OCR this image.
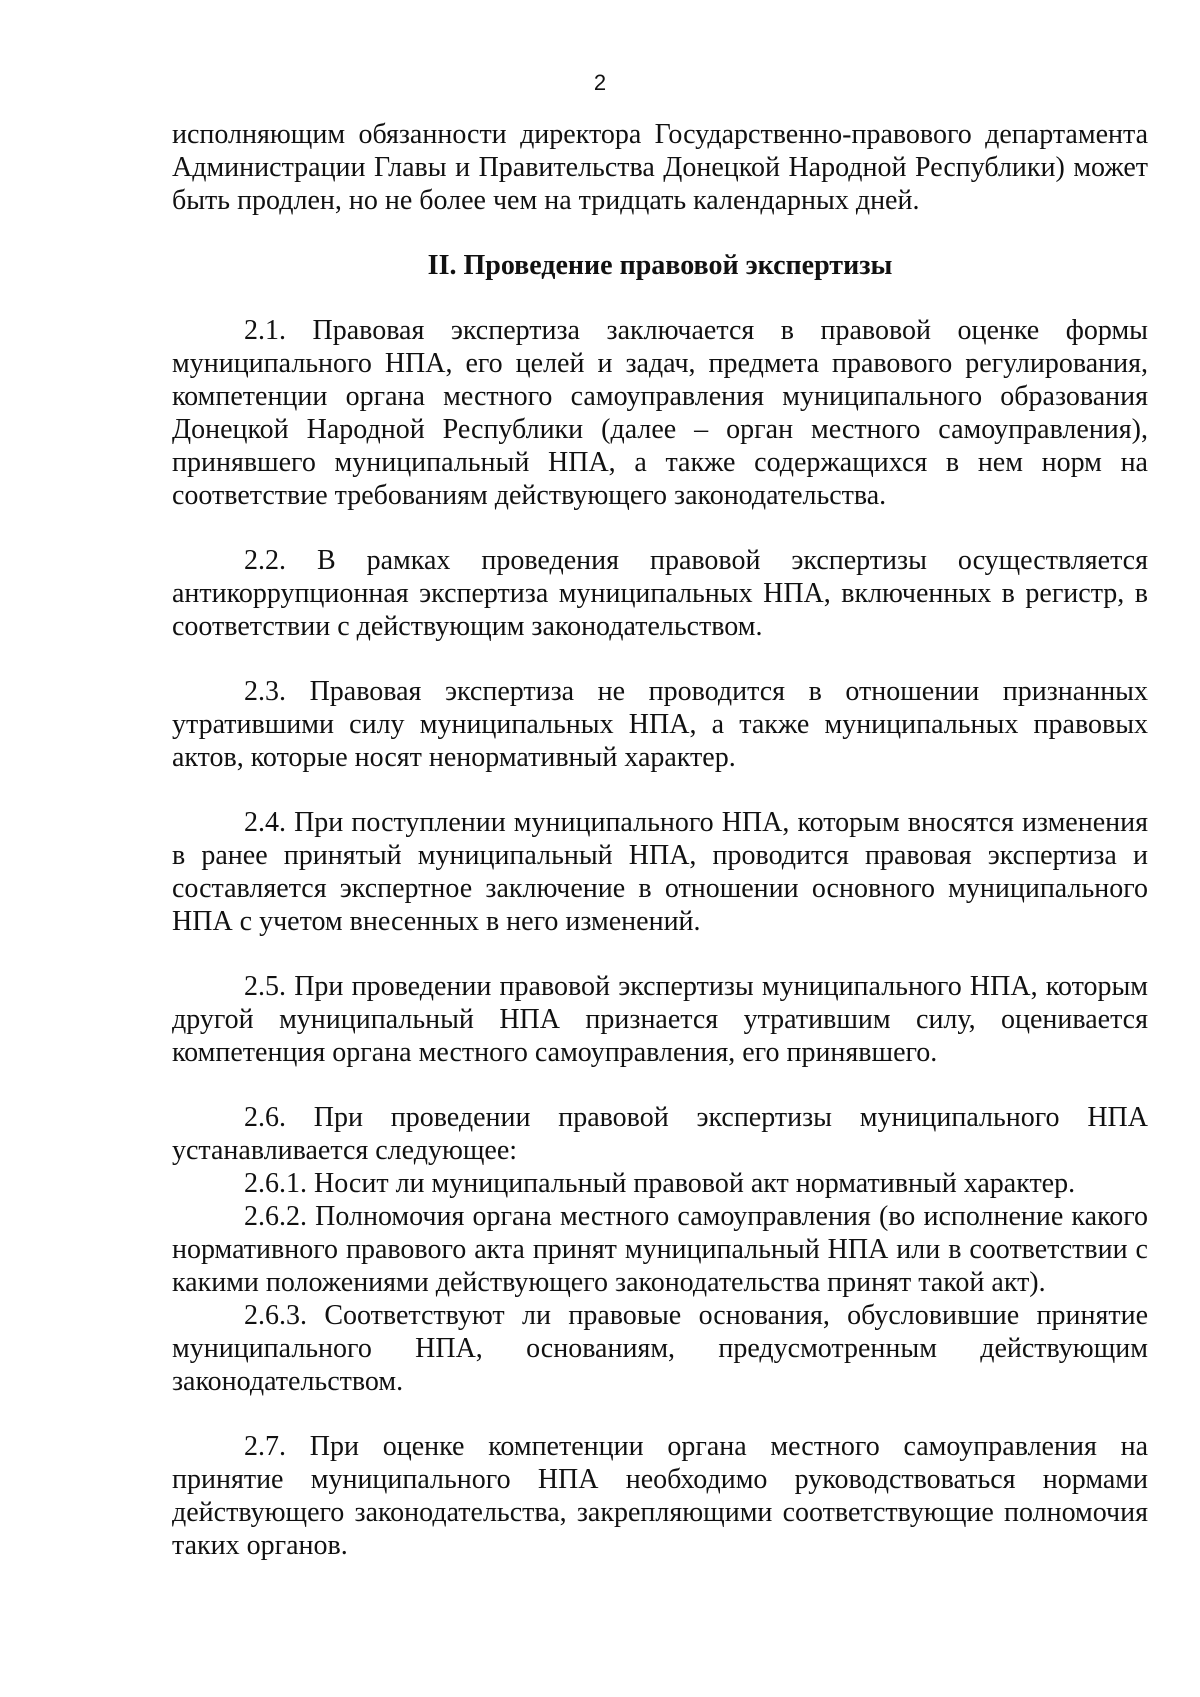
2

исполняющим обязанности директора Государственно-правового департамента Администрации Главы и Правительства Донецкой Народной Республики) может быть продлен, но не более чем на тридцать календарных дней.

II. Проведение правовой экспертизы

2.1. Правовая экспертиза заключается в правовой оценке формы муниципального НПА, его целей и задач, предмета правового регулирования, компетенции органа местного самоуправления муниципального образования Донецкой Народной Республики (далее – орган местного самоуправления), принявшего муниципальный НПА, а также содержащихся в нем норм на соответствие требованиям действующего законодательства.

2.2. В рамках проведения правовой экспертизы осуществляется антикоррупционная экспертиза муниципальных НПА, включенных в регистр, в соответствии с действующим законодательством.

2.3. Правовая экспертиза не проводится в отношении признанных утратившими силу муниципальных НПА, а также муниципальных правовых актов, которые носят ненормативный характер.

2.4. При поступлении муниципального НПА, которым вносятся изменения в ранее принятый муниципальный НПА, проводится правовая экспертиза и составляется экспертное заключение в отношении основного муниципального НПА с учетом внесенных в него изменений.

2.5. При проведении правовой экспертизы муниципального НПА, которым другой муниципальный НПА признается утратившим силу, оценивается компетенция органа местного самоуправления, его принявшего.

2.6. При проведении правовой экспертизы муниципального НПА устанавливается следующее:

2.6.1. Носит ли муниципальный правовой акт нормативный характер.

2.6.2. Полномочия органа местного самоуправления (во исполнение какого нормативного правового акта принят муниципальный НПА или в соответствии с какими положениями действующего законодательства принят такой акт).

2.6.3. Соответствуют ли правовые основания, обусловившие принятие муниципального НПА, основаниям, предусмотренным действующим законодательством.

2.7. При оценке компетенции органа местного самоуправления на принятие муниципального НПА необходимо руководствоваться нормами действующего законодательства, закрепляющими соответствующие полномочия таких органов.
